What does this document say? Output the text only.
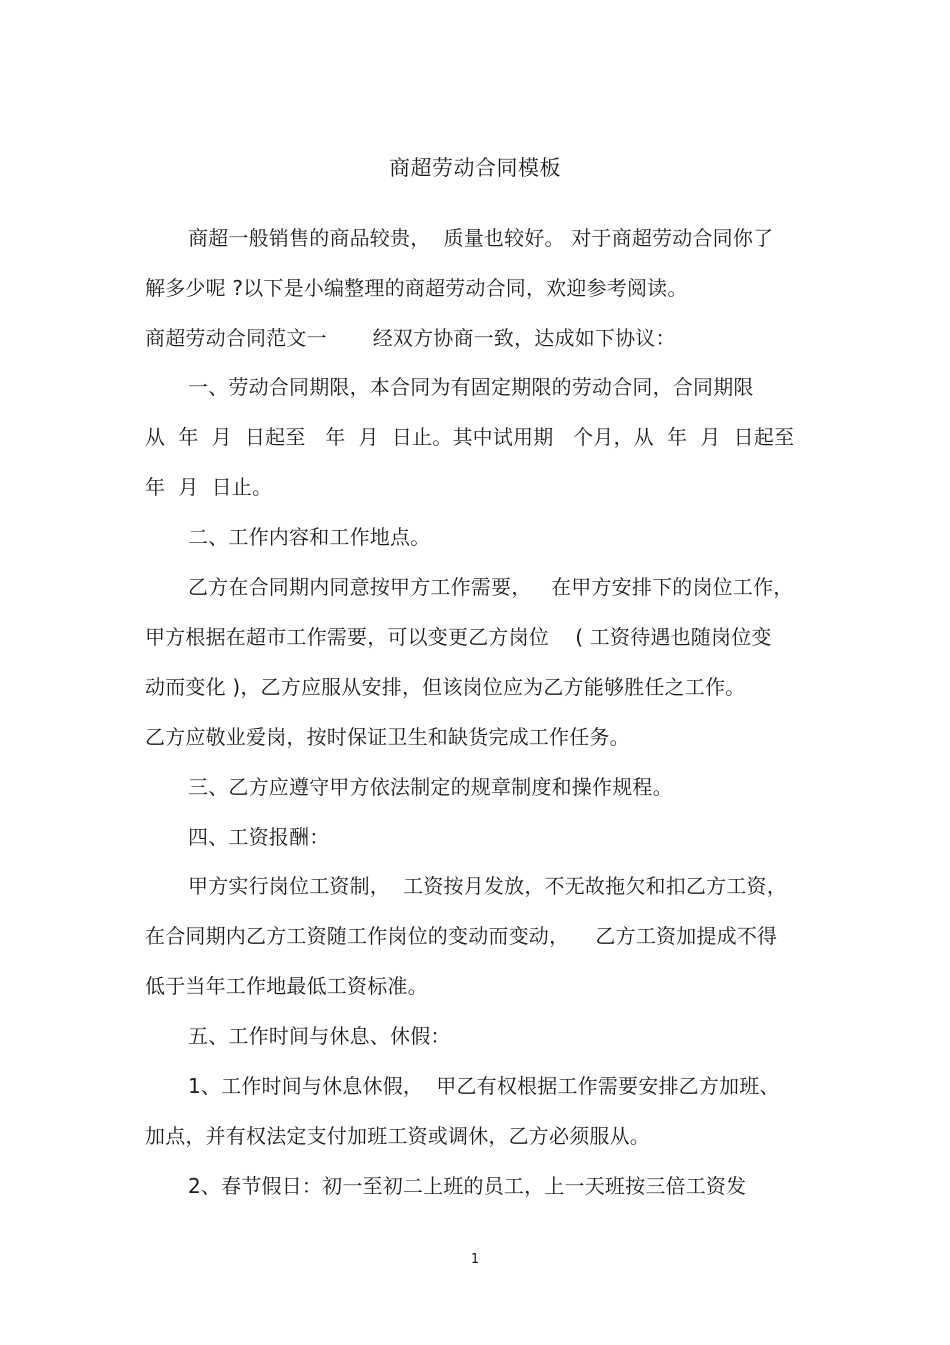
商超劳动合同模板
商超一般销售的商品较贵，  质量也较好。 对于商超劳动合同你了
解多少呢 ?以下是小编整理的商超劳动合同，欢迎参考阅读。
商超劳动合同范文一       经双方协商一致，达成如下协议：
一、劳动合同期限，本合同为有固定期限的劳动合同，合同期限
从  年  月  日起至   年  月  日止。其中试用期   个月，从  年  月  日起至
年  月  日止。
二、工作内容和工作地点。
乙方在合同期内同意按甲方工作需要，   在甲方安排下的岗位工作，
甲方根据在超市工作需要，可以变更乙方岗位    ( 工资待遇也随岗位变
动而变化 )，乙方应服从安排，但该岗位应为乙方能够胜任之工作。
乙方应敬业爱岗，按时保证卫生和缺货完成工作任务。
三、乙方应遵守甲方依法制定的规章制度和操作规程。
四、工资报酬：
甲方实行岗位工资制，  工资按月发放，不无故拖欠和扣乙方工资，
在合同期内乙方工资随工作岗位的变动而变动，    乙方工资加提成不得
低于当年工作地最低工资标准。
五、工作时间与休息、休假：
1、工作时间与休息休假，  甲乙有权根据工作需要安排乙方加班、
加点，并有权法定支付加班工资或调休，乙方必须服从。
2、春节假日：初一至初二上班的员工，上一天班按三倍工资发
1
